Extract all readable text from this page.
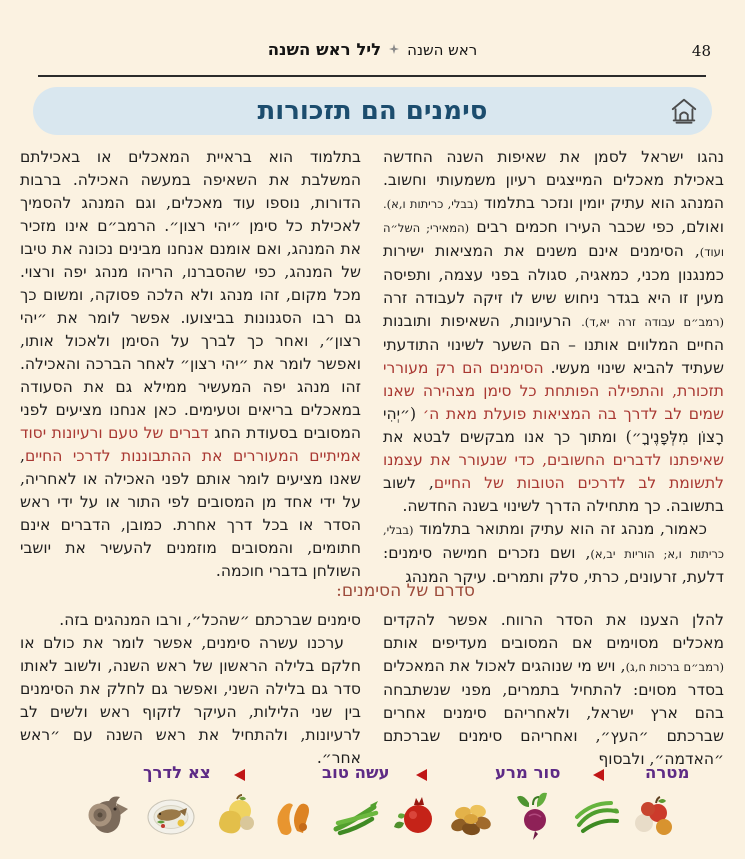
ראש השנהליל ראש השנה	48
סימנים הם תזכורות

נהגו ישראל לסמן את שאיפות השנה החדשה באכילת מאכלים המייצגים רעיון משמעותי וחשוב. המנהג הוא עתיק יומין ונזכר בתלמוד (בבלי, כריתות ו,א). ואולם, כפי שכבר העירו חכמים רבים (המאירי; השל״ה ועוד), הסימנים אינם משנים את המציאות ישירות כמנגנון מכני, כמאגיה, סגולה בפני עצמה, ותפיסה מעין זו היא בגדר ניחוש שיש לו זיקה לעבודה זרה (רמב״ם עבודה זרה יא,ד). הרעיונות, השאיפות ותובנות החיים המלווים אותנו – הם השער לשינוי התודעתי שעתיד להביא שינוי מעשי. הסימנים הם רק מעוררי תזכורת, והתפילה הפותחת כל סימן מצהירה שאנו שמים לב לדרך בה המציאות פועלת מאת ה׳ (״יְהִי רָצוֹן מִלְּפָנֶיךָ״) ומתוך כך אנו מבקשים לבטא את שאיפתנו לדברים החשובים, כדי שנעורר את עצמנו לתשומת לב לדרכים הטובות של החיים, לשוב בתשובה. כך מתחילה הדרך לשינוי בשנה החדשה.

כאמור, מנהג זה הוא עתיק ומתואר בתלמוד (בבלי, כריתות ו,א; הוריות יב,א), ושם נזכרים חמישה סימנים: דלעת, זרעונים, כרתי, סלק ותמרים. עיקר המנהג

בתלמוד הוא בראיית המאכלים או באכילתם המשלבת את השאיפה במעשה האכילה. ברבות הדורות, נוספו עוד מאכלים, וגם המנהג להסמיך לאכילת כל סימן ״יהי רצון״. הרמב״ם אינו מזכיר את המנהג, ואם אומנם אנחנו מבינים נכונה את טיבו של המנהג, כפי שהסברנו, הריהו מנהג יפה ורצוי. מכל מקום, זהו מנהג ולא הלכה פסוקה, ומשום כך גם רבו הסגנונות בביצועו. אפשר לומר את ״יהי רצון״, ואחר כך לברך על הסימן ולאכול אותו, ואפשר לומר את ״יהי רצון״ לאחר הברכה והאכילה. זהו מנהג יפה המעשיר ממילא גם את הסעודה במאכלים בריאים וטעימים. כאן אנחנו מציעים לפני המסובים בסעודת החג דברים של טעם ורעיונות יסוד אמיתיים המעוררים את ההתבוננות לדרכי החיים, שאנו מציעים לומר אותם לפני האכילה או לאחריה, על ידי אחד מן המסובים לפי התור או על ידי ראש הסדר או בכל דרך אחרת. כמובן, הדברים אינם חתומים, והמסובים מוזמנים להעשיר את יושבי השולחן בדברי חוכמה.

סדרם של הסימנים:

להלן הצענו את הסדר הרווח. אפשר להקדים מאכלים מסוימים אם המסובים מעדיפים אותם (רמב״ם ברכות ח,ג), ויש מי שנוהגים לאכול את המאכלים בסדר מסוים: להתחיל בתמרים, מפני שנשתבחה בהם ארץ ישראל, ולאחריהם סימנים אחרים שברכתם ״העץ״, ואחריהם סימנים שברכתם ״האדמה״, ולבסוף

סימנים שברכתם ״שהכל״, ורבו המנהגים בזה.

ערכנו עשרה סימנים, אפשר לומר את כולם או חלקם בלילה הראשון של ראש השנה, ולשוב לאותו סדר גם בלילה השני, ואפשר גם לחלק את הסימנים בין שני הלילות, העיקר לזקוף ראש ולשים לב לרעיונות, ולהתחיל את ראש השנה עם ״ראש אחר״.

מטרה
סור מרע
עשה טוב
צא לדרך
